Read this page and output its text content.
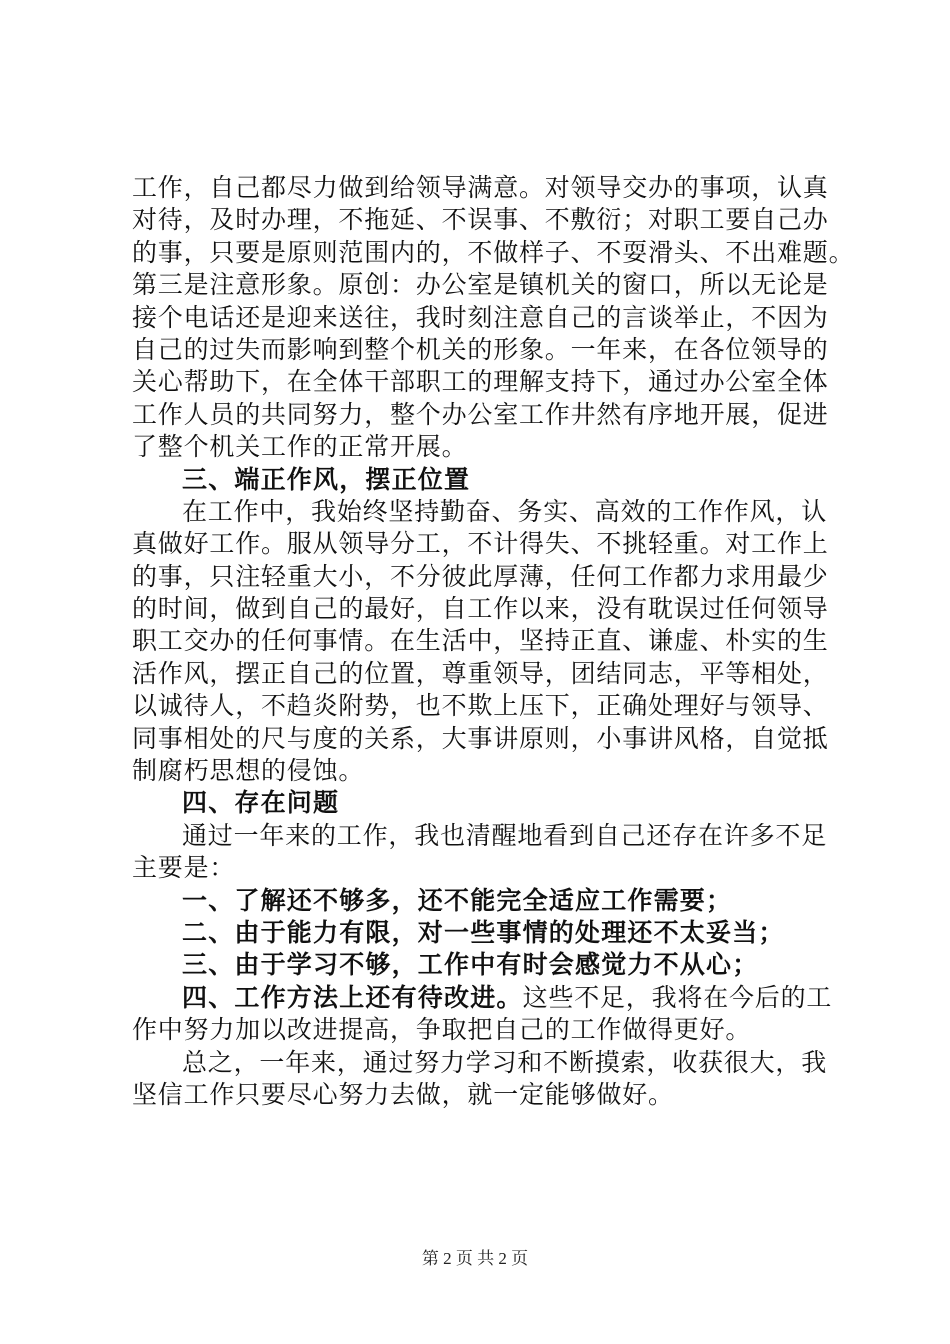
工作，自己都尽力做到给领导满意。对领导交办的事项，认真
对待，及时办理，不拖延、不误事、不敷衍；对职工要自己办
的事，只要是原则范围内的，不做样子、不耍滑头、不出难题。
第三是注意形象。原创：办公室是镇机关的窗口，所以无论是
接个电话还是迎来送往，我时刻注意自己的言谈举止，不因为
自己的过失而影响到整个机关的形象。一年来，在各位领导的
关心帮助下，在全体干部职工的理解支持下，通过办公室全体
工作人员的共同努力，整个办公室工作井然有序地开展，促进
了整个机关工作的正常开展。
三、端正作风，摆正位置
在工作中，我始终坚持勤奋、务实、高效的工作作风，认
真做好工作。服从领导分工，不计得失、不挑轻重。对工作上
的事，只注轻重大小，不分彼此厚薄，任何工作都力求用最少
的时间，做到自己的最好，自工作以来，没有耽误过任何领导
职工交办的任何事情。在生活中，坚持正直、谦虚、朴实的生
活作风，摆正自己的位置，尊重领导，团结同志，平等相处，
以诚待人，不趋炎附势，也不欺上压下，正确处理好与领导、
同事相处的尺与度的关系，大事讲原则，小事讲风格，自觉抵
制腐朽思想的侵蚀。
四、存在问题
通过一年来的工作，我也清醒地看到自己还存在许多不足
主要是：
一、了解还不够多，还不能完全适应工作需要；
二、由于能力有限，对一些事情的处理还不太妥当；
三、由于学习不够，工作中有时会感觉力不从心；
四、工作方法上还有待改进。这些不足，我将在今后的工
作中努力加以改进提高，争取把自己的工作做得更好。
总之，一年来，通过努力学习和不断摸索，收获很大，我
坚信工作只要尽心努力去做，就一定能够做好。
第 2 页 共 2 页
